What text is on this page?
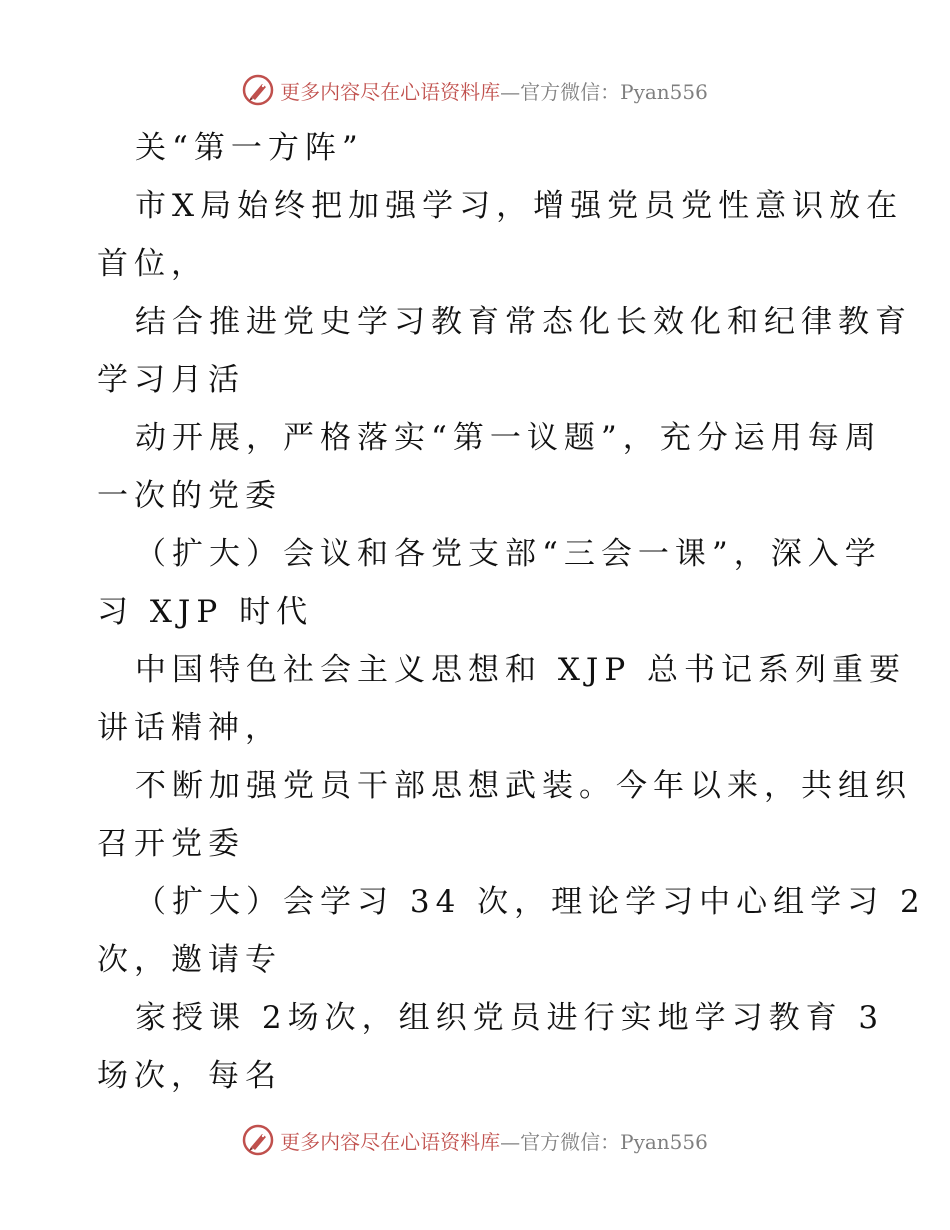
更多内容尽在心语资料库—官方微信：Pyan556
关“第一方阵”
市X局始终把加强学习，增强党员党性意识放在
首位，
结合推进党史学习教育常态化长效化和纪律教育
学习月活
动开展，严格落实“第一议题”，充分运用每周
一次的党委
（扩大）会议和各党支部“三会一课”，深入学
习 XJP 时代
中国特色社会主义思想和 XJP 总书记系列重要
讲话精神，
不断加强党员干部思想武装。今年以来，共组织
召开党委
（扩大）会学习 34 次，理论学习中心组学习 2
次，邀请专
家授课 2场次，组织党员进行实地学习教育 3
场次，每名
更多内容尽在心语资料库—官方微信：Pyan556
